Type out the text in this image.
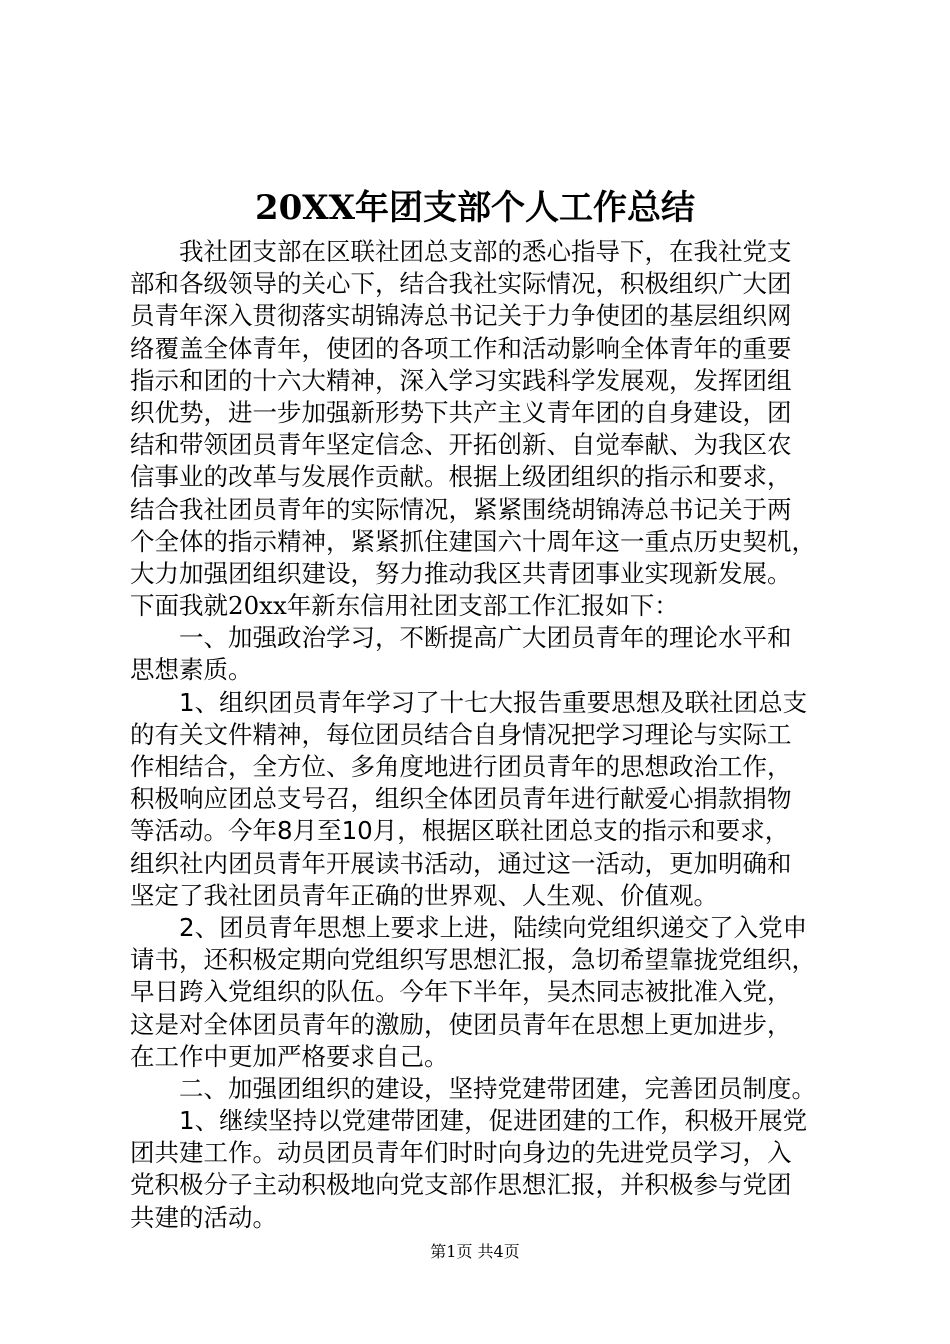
20XX年团支部个人工作总结
我社团支部在区联社团总支部的悉心指导下，在我社党支
部和各级领导的关心下，结合我社实际情况，积极组织广大团
员青年深入贯彻落实胡锦涛总书记关于力争使团的基层组织网
络覆盖全体青年，使团的各项工作和活动影响全体青年的重要
指示和团的十六大精神，深入学习实践科学发展观，发挥团组
织优势，进一步加强新形势下共产主义青年团的自身建设，团
结和带领团员青年坚定信念、开拓创新、自觉奉献、为我区农
信事业的改革与发展作贡献。根据上级团组织的指示和要求，
结合我社团员青年的实际情况，紧紧围绕胡锦涛总书记关于两
个全体的指示精神，紧紧抓住建国六十周年这一重点历史契机，
大力加强团组织建设，努力推动我区共青团事业实现新发展。
下面我就20xx年新东信用社团支部工作汇报如下：
一、加强政治学习，不断提高广大团员青年的理论水平和
思想素质。
1、组织团员青年学习了十七大报告重要思想及联社团总支
的有关文件精神，每位团员结合自身情况把学习理论与实际工
作相结合，全方位、多角度地进行团员青年的思想政治工作，
积极响应团总支号召，组织全体团员青年进行献爱心捐款捐物
等活动。今年8月至10月，根据区联社团总支的指示和要求，
组织社内团员青年开展读书活动，通过这一活动，更加明确和
坚定了我社团员青年正确的世界观、人生观、价值观。
2、团员青年思想上要求上进，陆续向党组织递交了入党申
请书，还积极定期向党组织写思想汇报，急切希望靠拢党组织，
早日跨入党组织的队伍。今年下半年，吴杰同志被批准入党，
这是对全体团员青年的激励，使团员青年在思想上更加进步，
在工作中更加严格要求自己。
二、加强团组织的建设，坚持党建带团建，完善团员制度。
1、继续坚持以党建带团建，促进团建的工作，积极开展党
团共建工作。动员团员青年们时时向身边的先进党员学习，入
党积极分子主动积极地向党支部作思想汇报，并积极参与党团
共建的活动。
第1页 共4页
